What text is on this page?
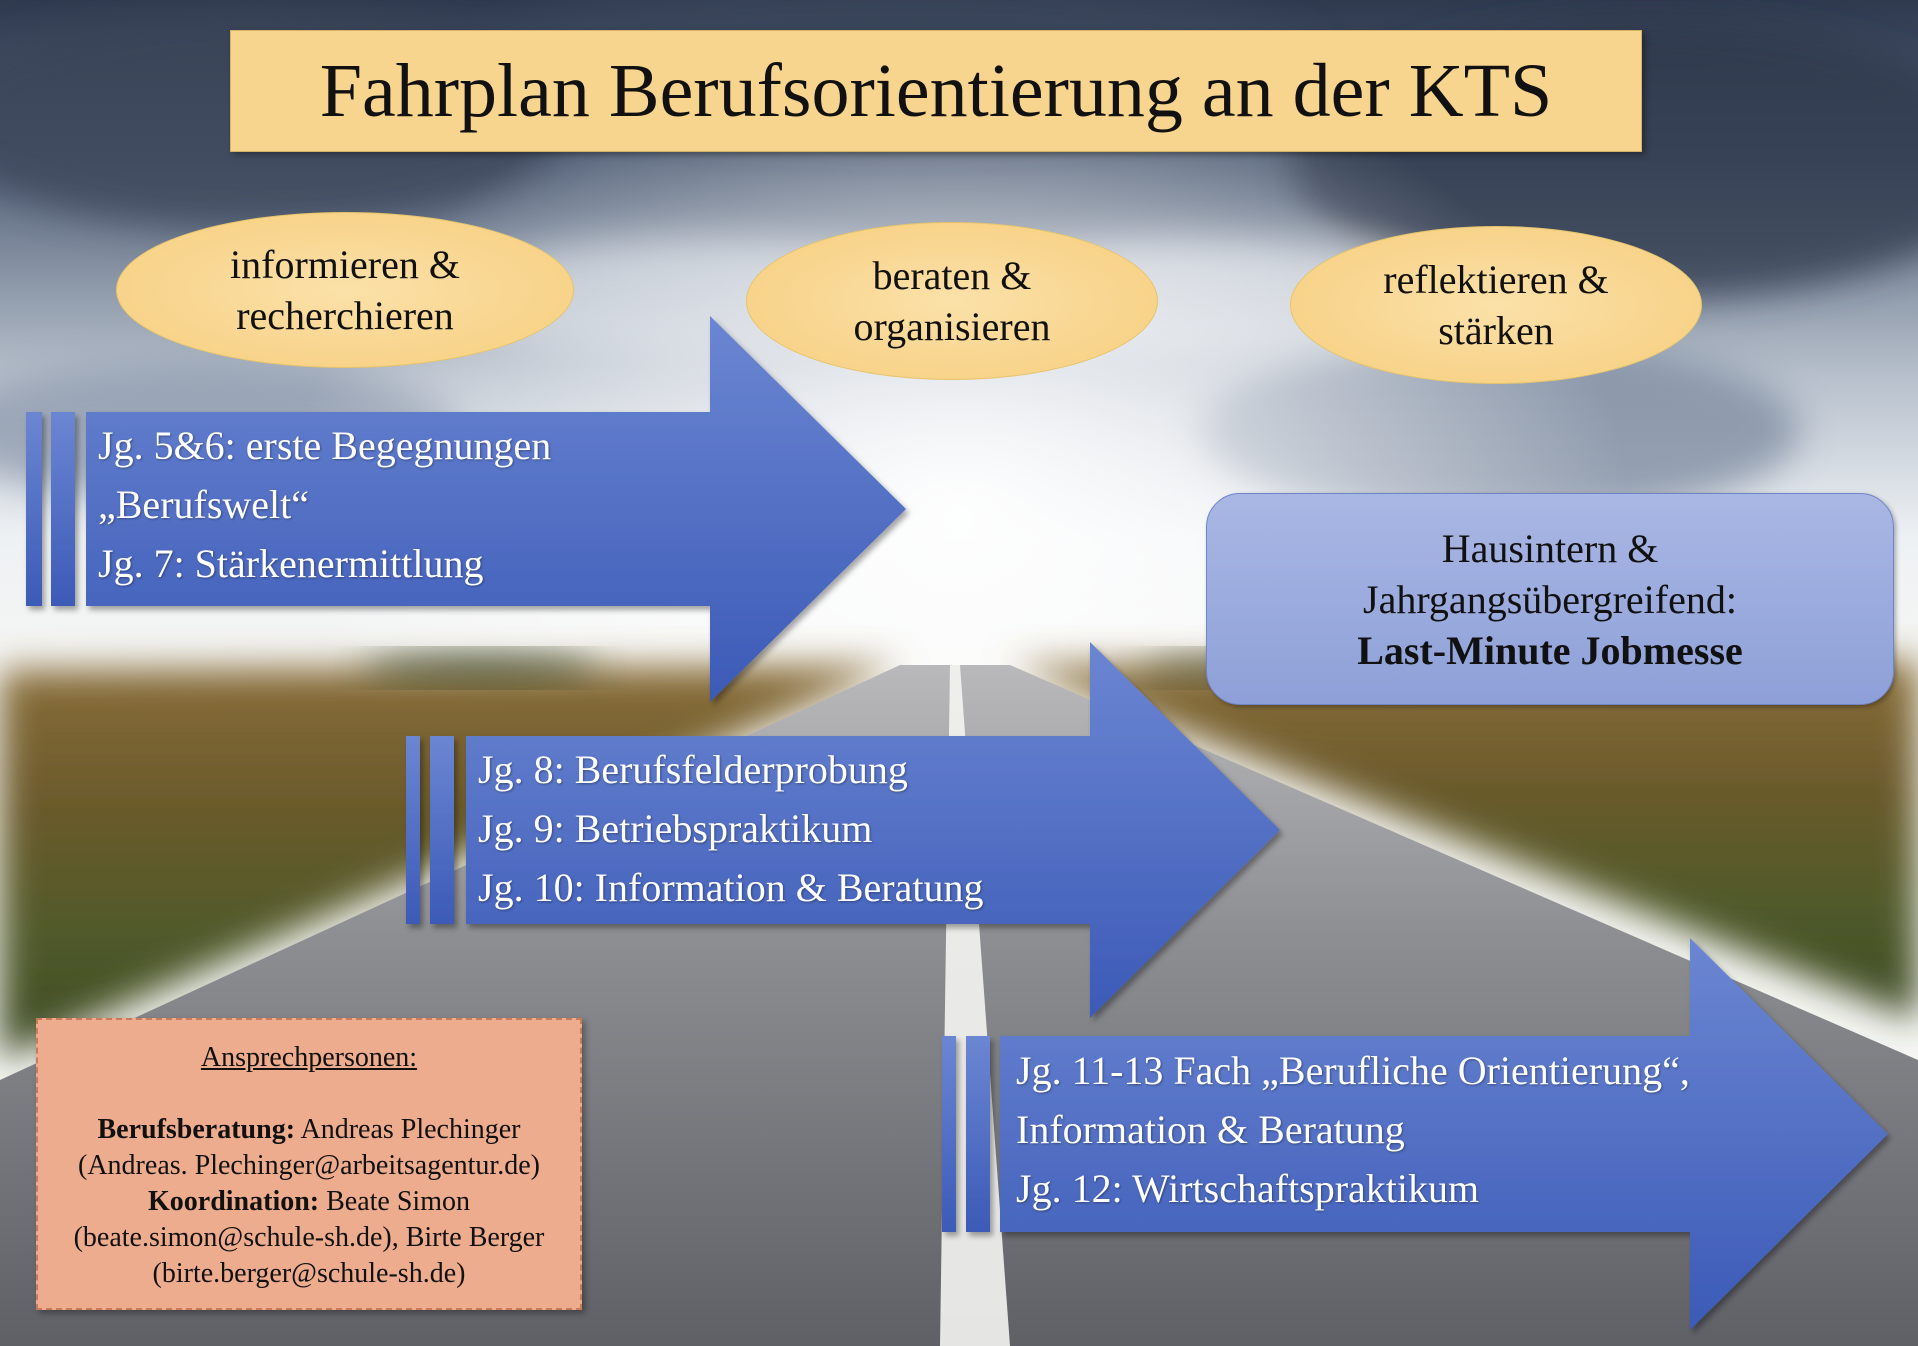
Fahrplan Berufsorientierung an der KTS
informieren &
recherchieren
beraten &
organisieren
reflektieren &
stärken
Jg. 5&6: erste Begegnungen
„Berufswelt“
Jg. 7: Stärkenermittlung
Jg. 8: Berufsfelderprobung
Jg. 9: Betriebspraktikum
Jg. 10: Information & Beratung
Jg. 11-13 Fach „Berufliche Orientierung“,
Information & Beratung
Jg. 12: Wirtschaftspraktikum
Hausintern &
Jahrgangsübergreifend:
Last-Minute Jobmesse
Ansprechpersonen:
Berufsberatung: Andreas Plechinger
(Andreas. Plechinger@arbeitsagentur.de)
Koordination: Beate Simon
(beate.simon@schule-sh.de), Birte Berger
(birte.berger@schule-sh.de)
